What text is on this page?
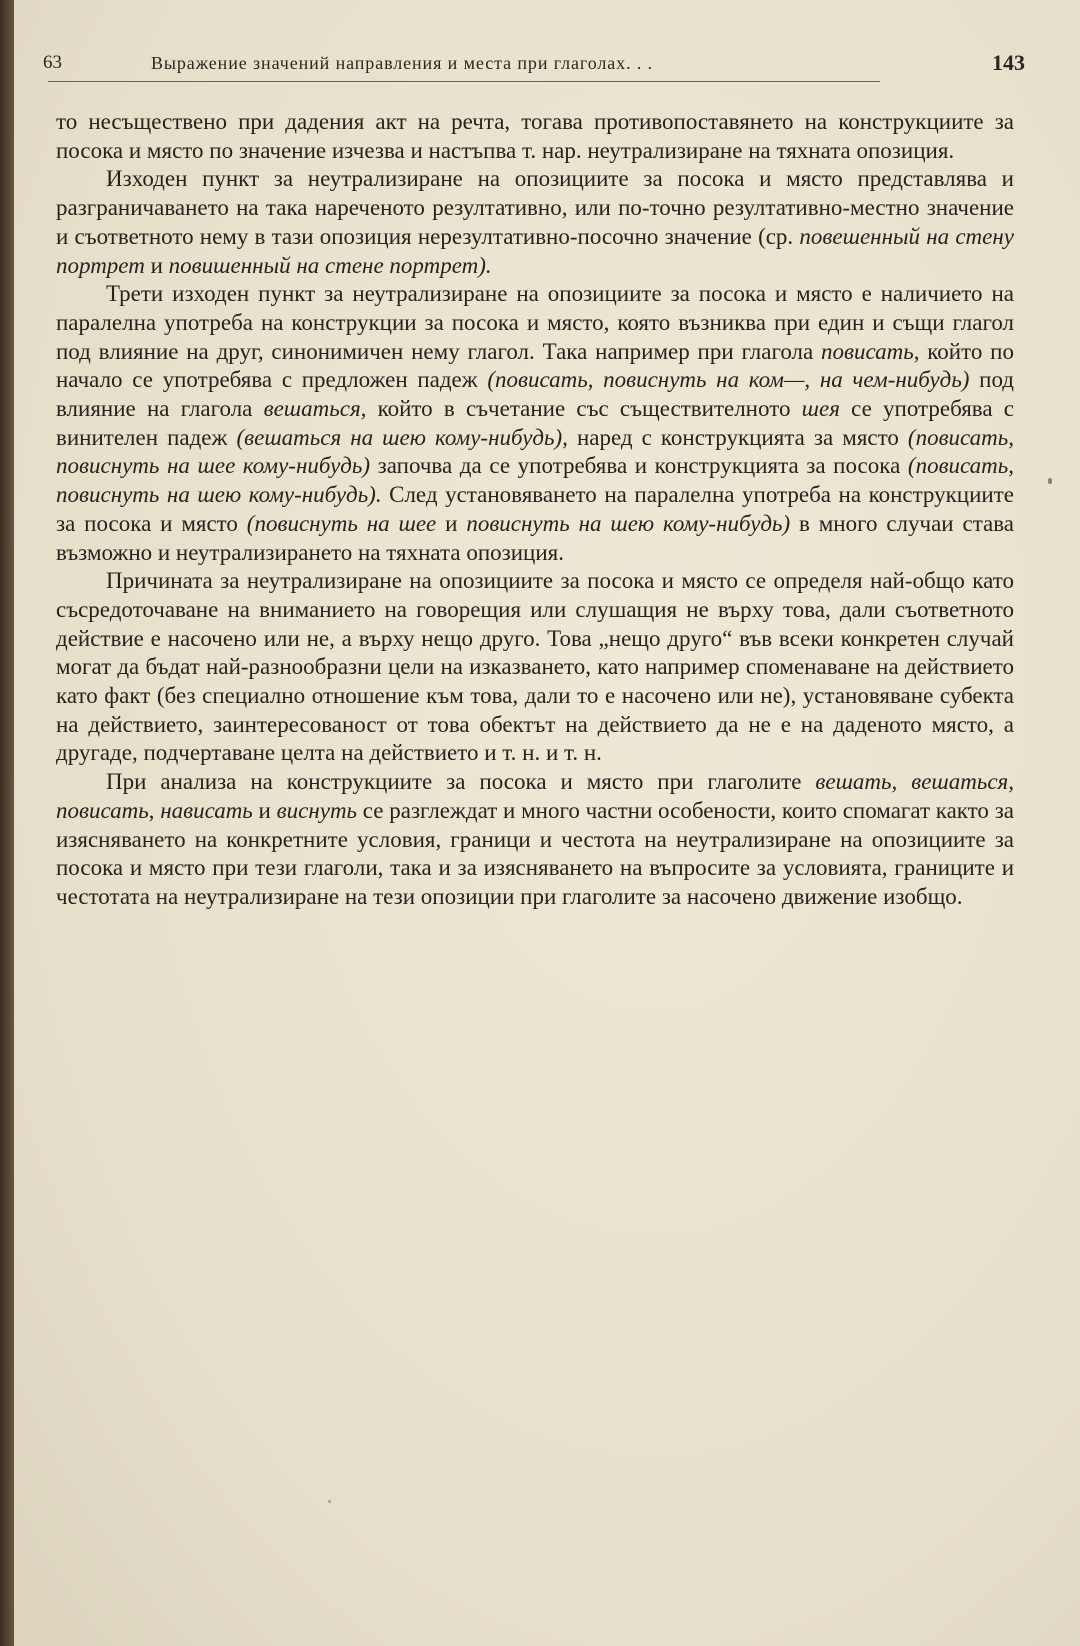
63	Выражение значений направления и места при глаголах. . .	143

то несъществено при дадения акт на речта, тогава противопоставянето на конструкциите за посока и място по значение изчезва и настъпва т. нар. неутрализиране на тяхната опозиция.

Изходен пункт за неутрализиране на опозициите за посока и място представлява и разграничаването на така нареченото резултативно, или по-точно резултативно-местно значение и съответното нему в тази опозиция нерезултативно-посочно значение (ср. повешенный на стену портрет и повишенный на стене портрет).

Трети изходен пункт за неутрализиране на опозициите за посока и място е наличието на паралелна употреба на конструкции за посока и място, която възниква при един и същи глагол под влияние на друг, синонимичен нему глагол. Така например при глагола повисать, който по начало се употребява с предложен падеж (повисать, повиснуть на ком—, на чем-нибудь) под влияние на глагола вешаться, който в съчетание със съществителното шея се употребява с винителен падеж (вешаться на шею кому-нибудь), наред с конструкцията за място (повисать, повиснуть на шее кому-нибудь) започва да се употребява и конструкцията за посока (повисать, повиснуть на шею кому-нибудь). След установяването на паралелна употреба на конструкциите за посока и място (повиснуть на шее и повиснуть на шею кому-нибудь) в много случаи става възможно и неутрализирането на тяхната опозиция.

Причината за неутрализиране на опозициите за посока и място се определя най-общо като съсредоточаване на вниманието на говорещия или слушащия не върху това, дали съответното действие е насочено или не, а върху нещо друго. Това „нещо друго“ във всеки конкретен случай могат да бъдат най-разнообразни цели на изказването, като например споменаване на действието като факт (без специално отношение към това, дали то е насочено или не), установяване субекта на действието, заинтересованост от това обектът на действието да не е на даденото място, а другаде, подчертаване целта на действието и т. н. и т. н.

При анализа на конструкциите за посока и място при глаголите вешать, вешаться, повисать, нависать и виснуть се разглеждат и много частни особености, които спомагат както за изясняването на конкретните условия, граници и честота на неутрализиране на опозициите за посока и място при тези глаголи, така и за изясняването на въпросите за условията, границите и честотата на неутрализиране на тези опозиции при глаголите за насочено движение изобщо.
